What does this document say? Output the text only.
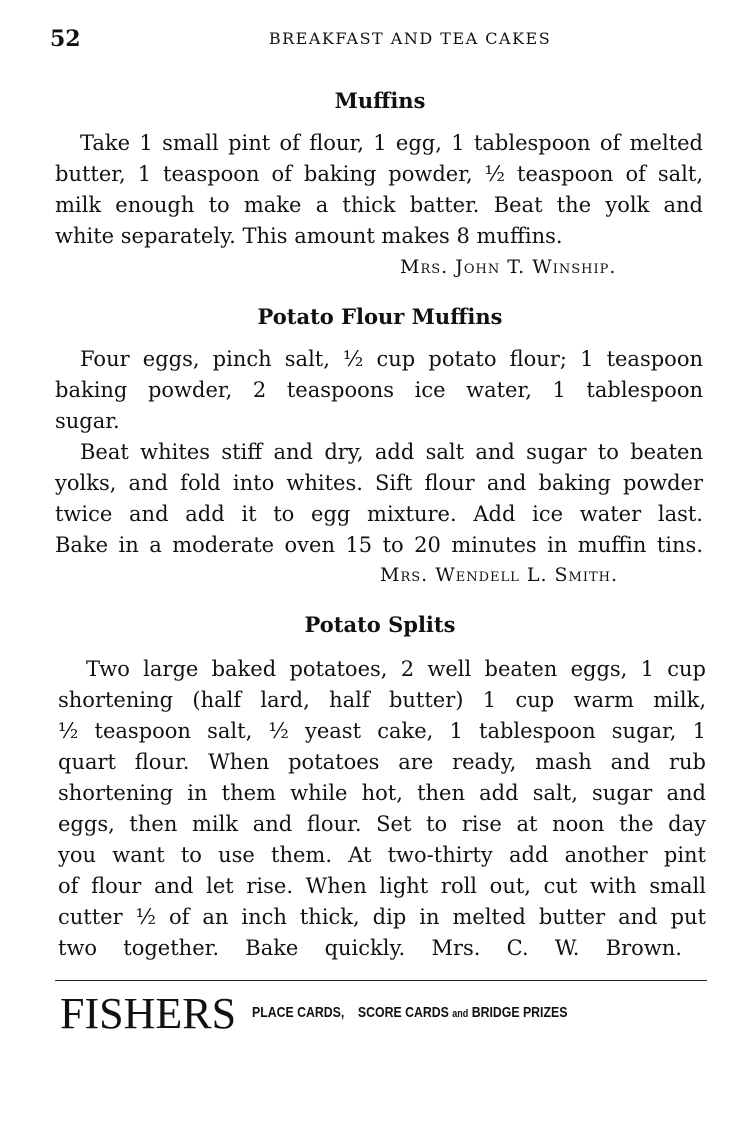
52	BREAKFAST AND TEA CAKES
Muffins
Take 1 small pint of flour, 1 egg, 1 tablespoon of melted
butter, 1 teaspoon of baking powder, ½ teaspoon of salt,
milk enough to make a thick batter. Beat the yolk and
white separately. This amount makes 8 muffins.
Mrs. John T. Winship.
Potato Flour Muffins
Four eggs, pinch salt, ½ cup potato flour; 1 teaspoon
baking powder, 2 teaspoons ice water, 1 tablespoon
sugar.
Beat whites stiff and dry, add salt and sugar to beaten
yolks, and fold into whites. Sift flour and baking powder
twice and add it to egg mixture. Add ice water last.
Bake in a moderate oven 15 to 20 minutes in muffin tins.
Mrs. Wendell L. Smith.
Potato Splits
Two large baked potatoes, 2 well beaten eggs, 1 cup
shortening (half lard, half butter) 1 cup warm milk,
½ teaspoon salt, ½ yeast cake, 1 tablespoon sugar, 1
quart flour. When potatoes are ready, mash and rub
shortening in them while hot, then add salt, sugar and
eggs, then milk and flour. Set to rise at noon the day
you want to use them. At two-thirty add another pint
of flour and let rise. When light roll out, cut with small
cutter ½ of an inch thick, dip in melted butter and put
two together. Bake quickly. Mrs. C. W. Brown.
FISHERS PLACE CARDS, SCORE CARDS and BRIDGE PRIZES
